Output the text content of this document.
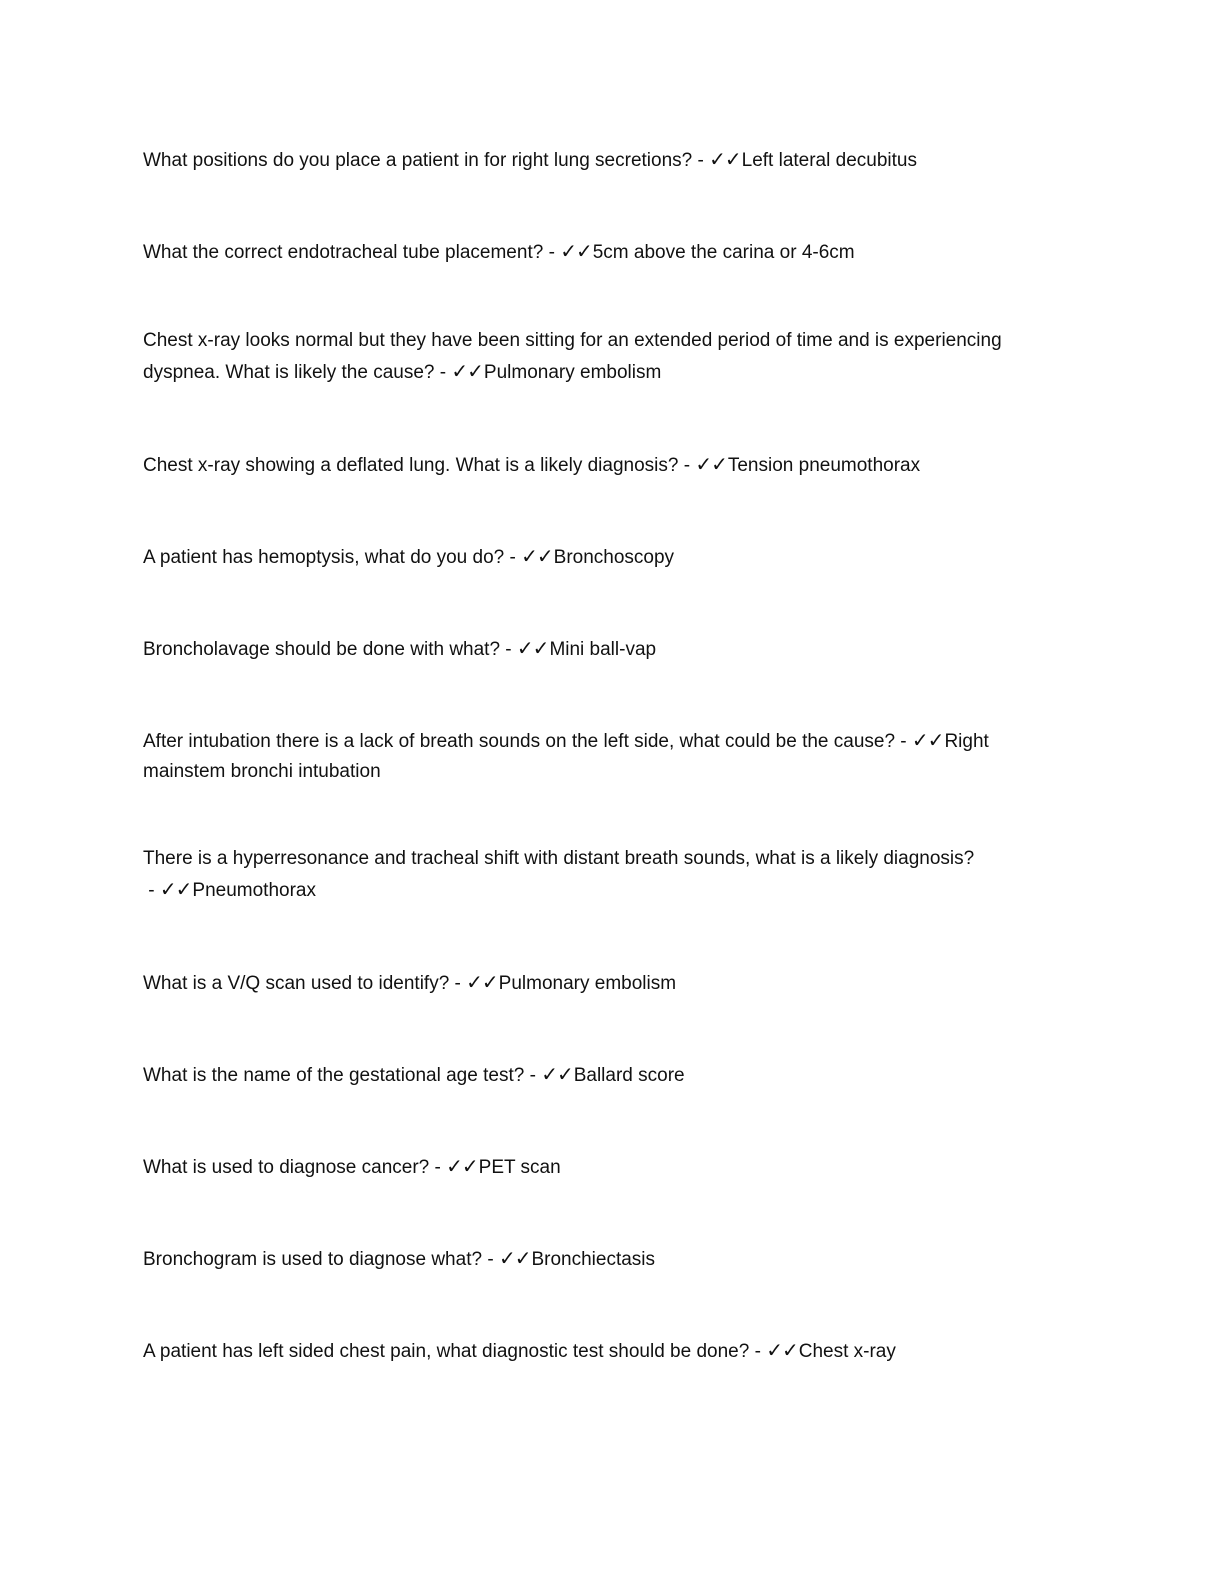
What positions do you place a patient in for right lung secretions? - ✓✓Left lateral decubitus

What the correct endotracheal tube placement? - ✓✓5cm above the carina or 4-6cm

Chest x-ray looks normal but they have been sitting for an extended period of time and is experiencing dyspnea. What is likely the cause? - ✓✓Pulmonary embolism

Chest x-ray showing a deflated lung. What is a likely diagnosis? - ✓✓Tension pneumothorax

A patient has hemoptysis, what do you do? - ✓✓Bronchoscopy

Broncholavage should be done with what? - ✓✓Mini ball-vap

After intubation there is a lack of breath sounds on the left side, what could be the cause? - ✓✓Right mainstem bronchi intubation

There is a hyperresonance and tracheal shift with distant breath sounds, what is a likely diagnosis? - ✓✓Pneumothorax

What is a V/Q scan used to identify? - ✓✓Pulmonary embolism

What is the name of the gestational age test? - ✓✓Ballard score

What is used to diagnose cancer? - ✓✓PET scan

Bronchogram is used to diagnose what? - ✓✓Bronchiectasis

A patient has left sided chest pain, what diagnostic test should be done? - ✓✓Chest x-ray
